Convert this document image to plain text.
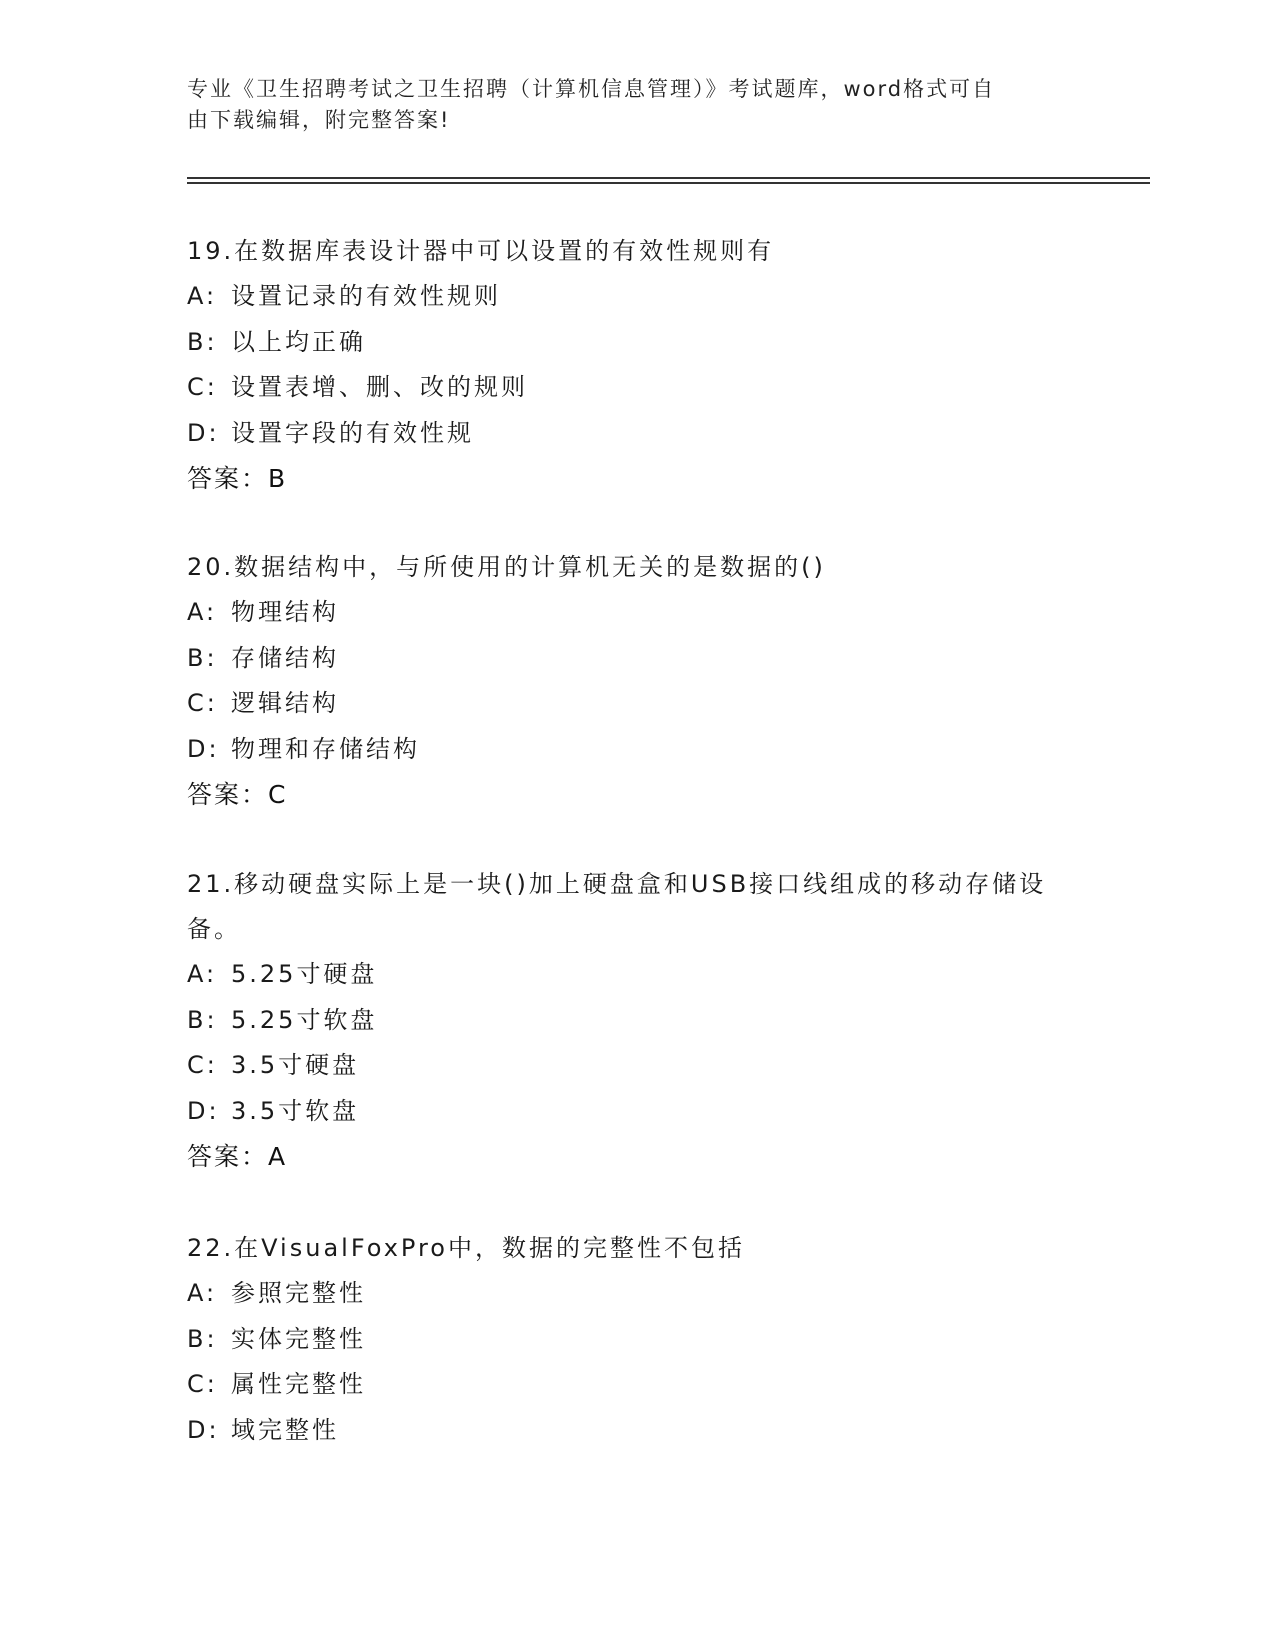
专业《卫生招聘考试之卫生招聘（计算机信息管理）》考试题库，word格式可自
由下载编辑，附完整答案!

19.在数据库表设计器中可以设置的有效性规则有

A: 设置记录的有效性规则

B: 以上均正确

C: 设置表增、删、改的规则

D: 设置字段的有效性规

答案：B

20.数据结构中，与所使用的计算机无关的是数据的()

A: 物理结构

B: 存储结构

C: 逻辑结构

D: 物理和存储结构

答案：C

21.移动硬盘实际上是一块()加上硬盘盒和USB接口线组成的移动存储设备。

A: 5.25寸硬盘

B: 5.25寸软盘

C: 3.5寸硬盘

D: 3.5寸软盘

答案：A

22.在VisualFoxPro中，数据的完整性不包括

A: 参照完整性

B: 实体完整性

C: 属性完整性

D: 域完整性
